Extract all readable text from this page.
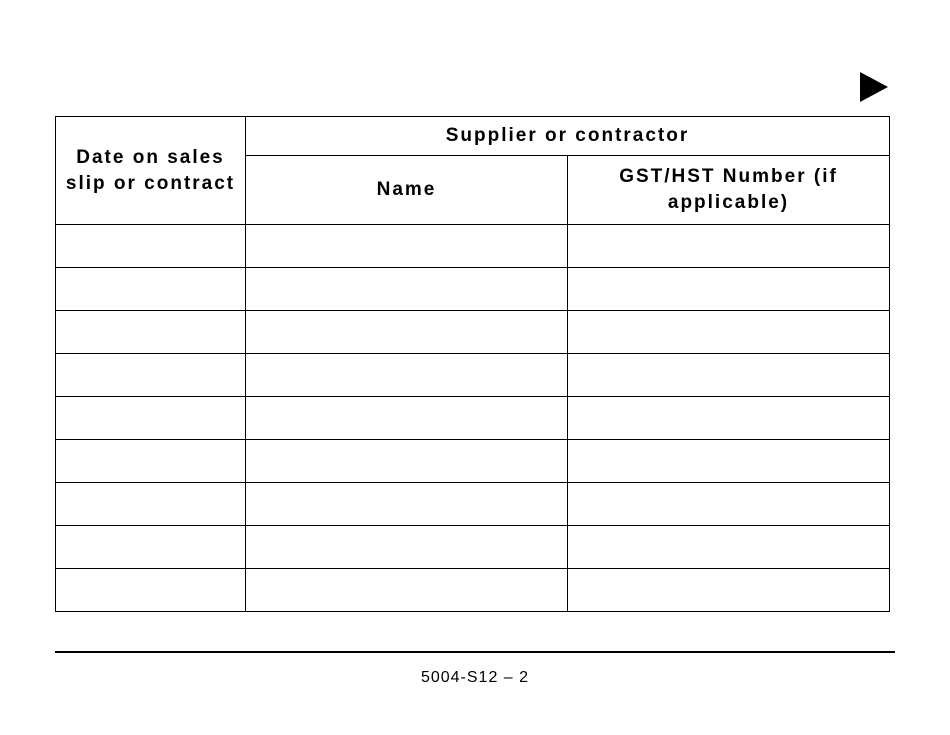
Date on sales slip or contract	Supplier or contractor	
	Name	GST/HST Number (if applicable)

5004-S12 – 2
